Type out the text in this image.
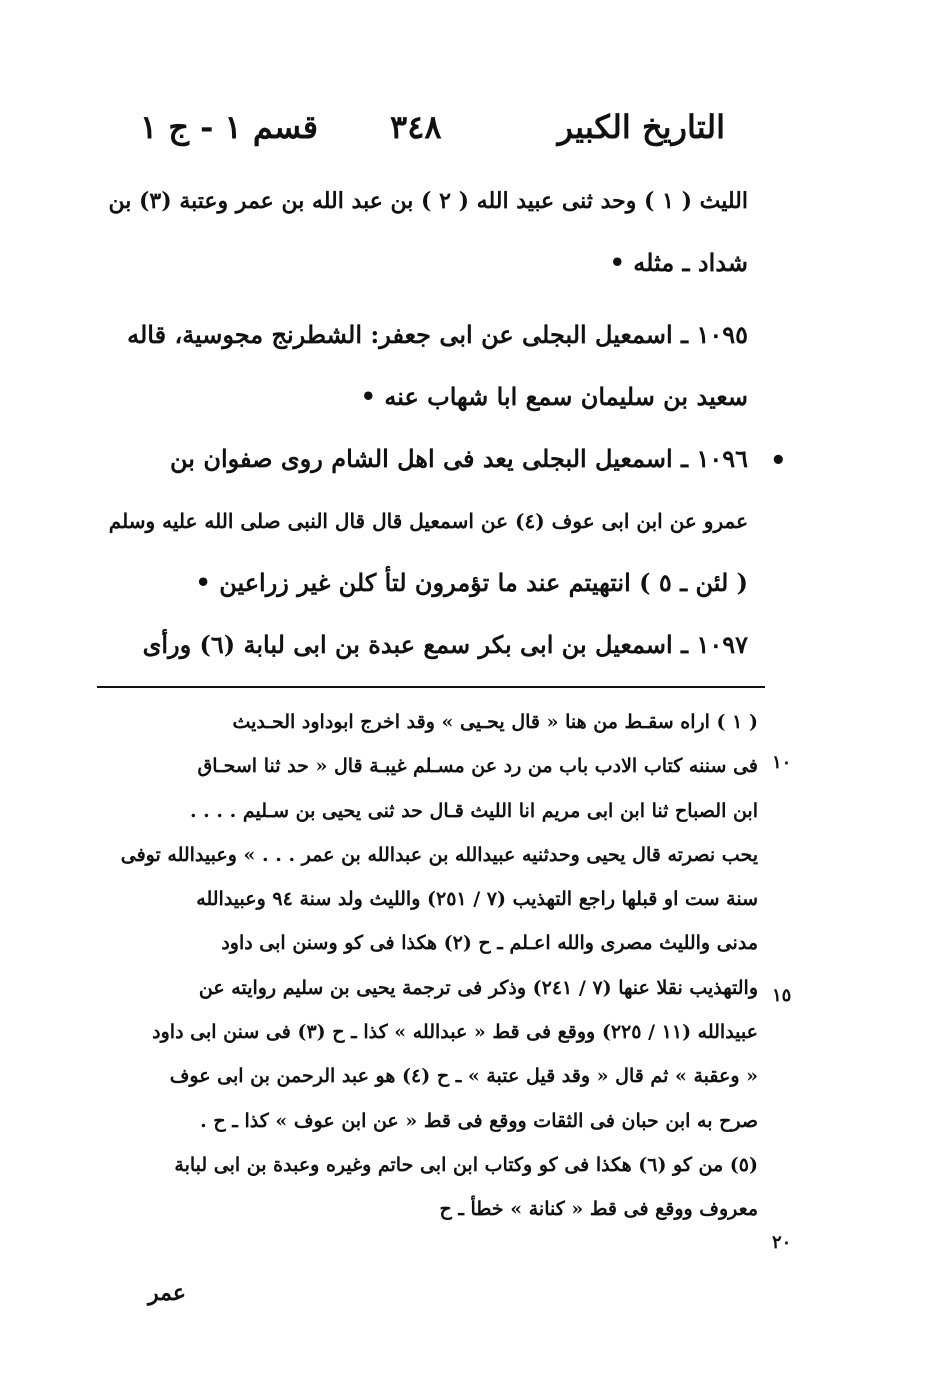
التاريخ الكبير
٣٤٨
قسم ١ - ج ١
الليث ( ١ ) وحد ثنى عبيد الله ( ٢ ) بن عبد الله بن عمر وعتبة (٣) بن
شداد ـ مثله •
١٠٩٥ ـ اسمعيل البجلى عن ابى جعفر: الشطرنج مجوسية، قاله
سعيد بن سليمان سمع ابا شهاب عنه •
١٠٩٦ ـ اسمعيل البجلى يعد فى اهل الشام روى صفوان بن
عمرو عن ابن ابى عوف (٤) عن اسمعيل قال قال النبى صلى الله عليه وسلم
( لئن ـ ٥ ) انتهيتم عند ما تؤمرون لتأ كلن غير زراعين •
١٠٩٧ ـ اسمعيل بن ابى بكر سمع عبدة بن ابى لبابة (٦) ورأى
•
( ١ ) اراه سقـط من هنا « قال يحـيى » وقد اخرج ابوداود الحـديث
فى سننه كتاب الادب باب من رد عن مسـلم غيبـة قال « حد ثنا اسحـاق
ابن الصباح ثنا ابن ابى مريم انا الليث قـال حد ثنى يحيى بن سـليم . . . .
يحب نصرته قال يحيى وحدثنيه عبيدالله بن عبدالله بن عمر . . . » وعبيدالله توفى
سنة ست او قبلها راجع التهذيب (٧ / ٢٥١) والليث ولد سنة ٩٤ وعبيدالله
مدنى والليث مصرى والله اعـلم ـ ح (٢) هكذا فى كو وسنن ابى داود
والتهذيب نقلا عنها (٧ / ٢٤١) وذكر فى ترجمة يحيى بن سليم روايته عن
عبيدالله (١١ / ٢٢٥) ووقع فى قط « عبدالله » كذا ـ ح (٣) فى سنن ابى داود
« وعقبة » ثم قال « وقد قيل عتبة » ـ ح (٤) هو عبد الرحمن بن ابى عوف
صرح به ابن حبان فى الثقات ووقع فى قط « عن ابن عوف » كذا ـ ح .
(٥) من كو (٦) هكذا فى كو وكتاب ابن ابى حاتم وغيره وعبدة بن ابى لبابة
معروف ووقع فى قط « كنانة » خطأ ـ ح
١٠
١٥
٢٠
عمر
